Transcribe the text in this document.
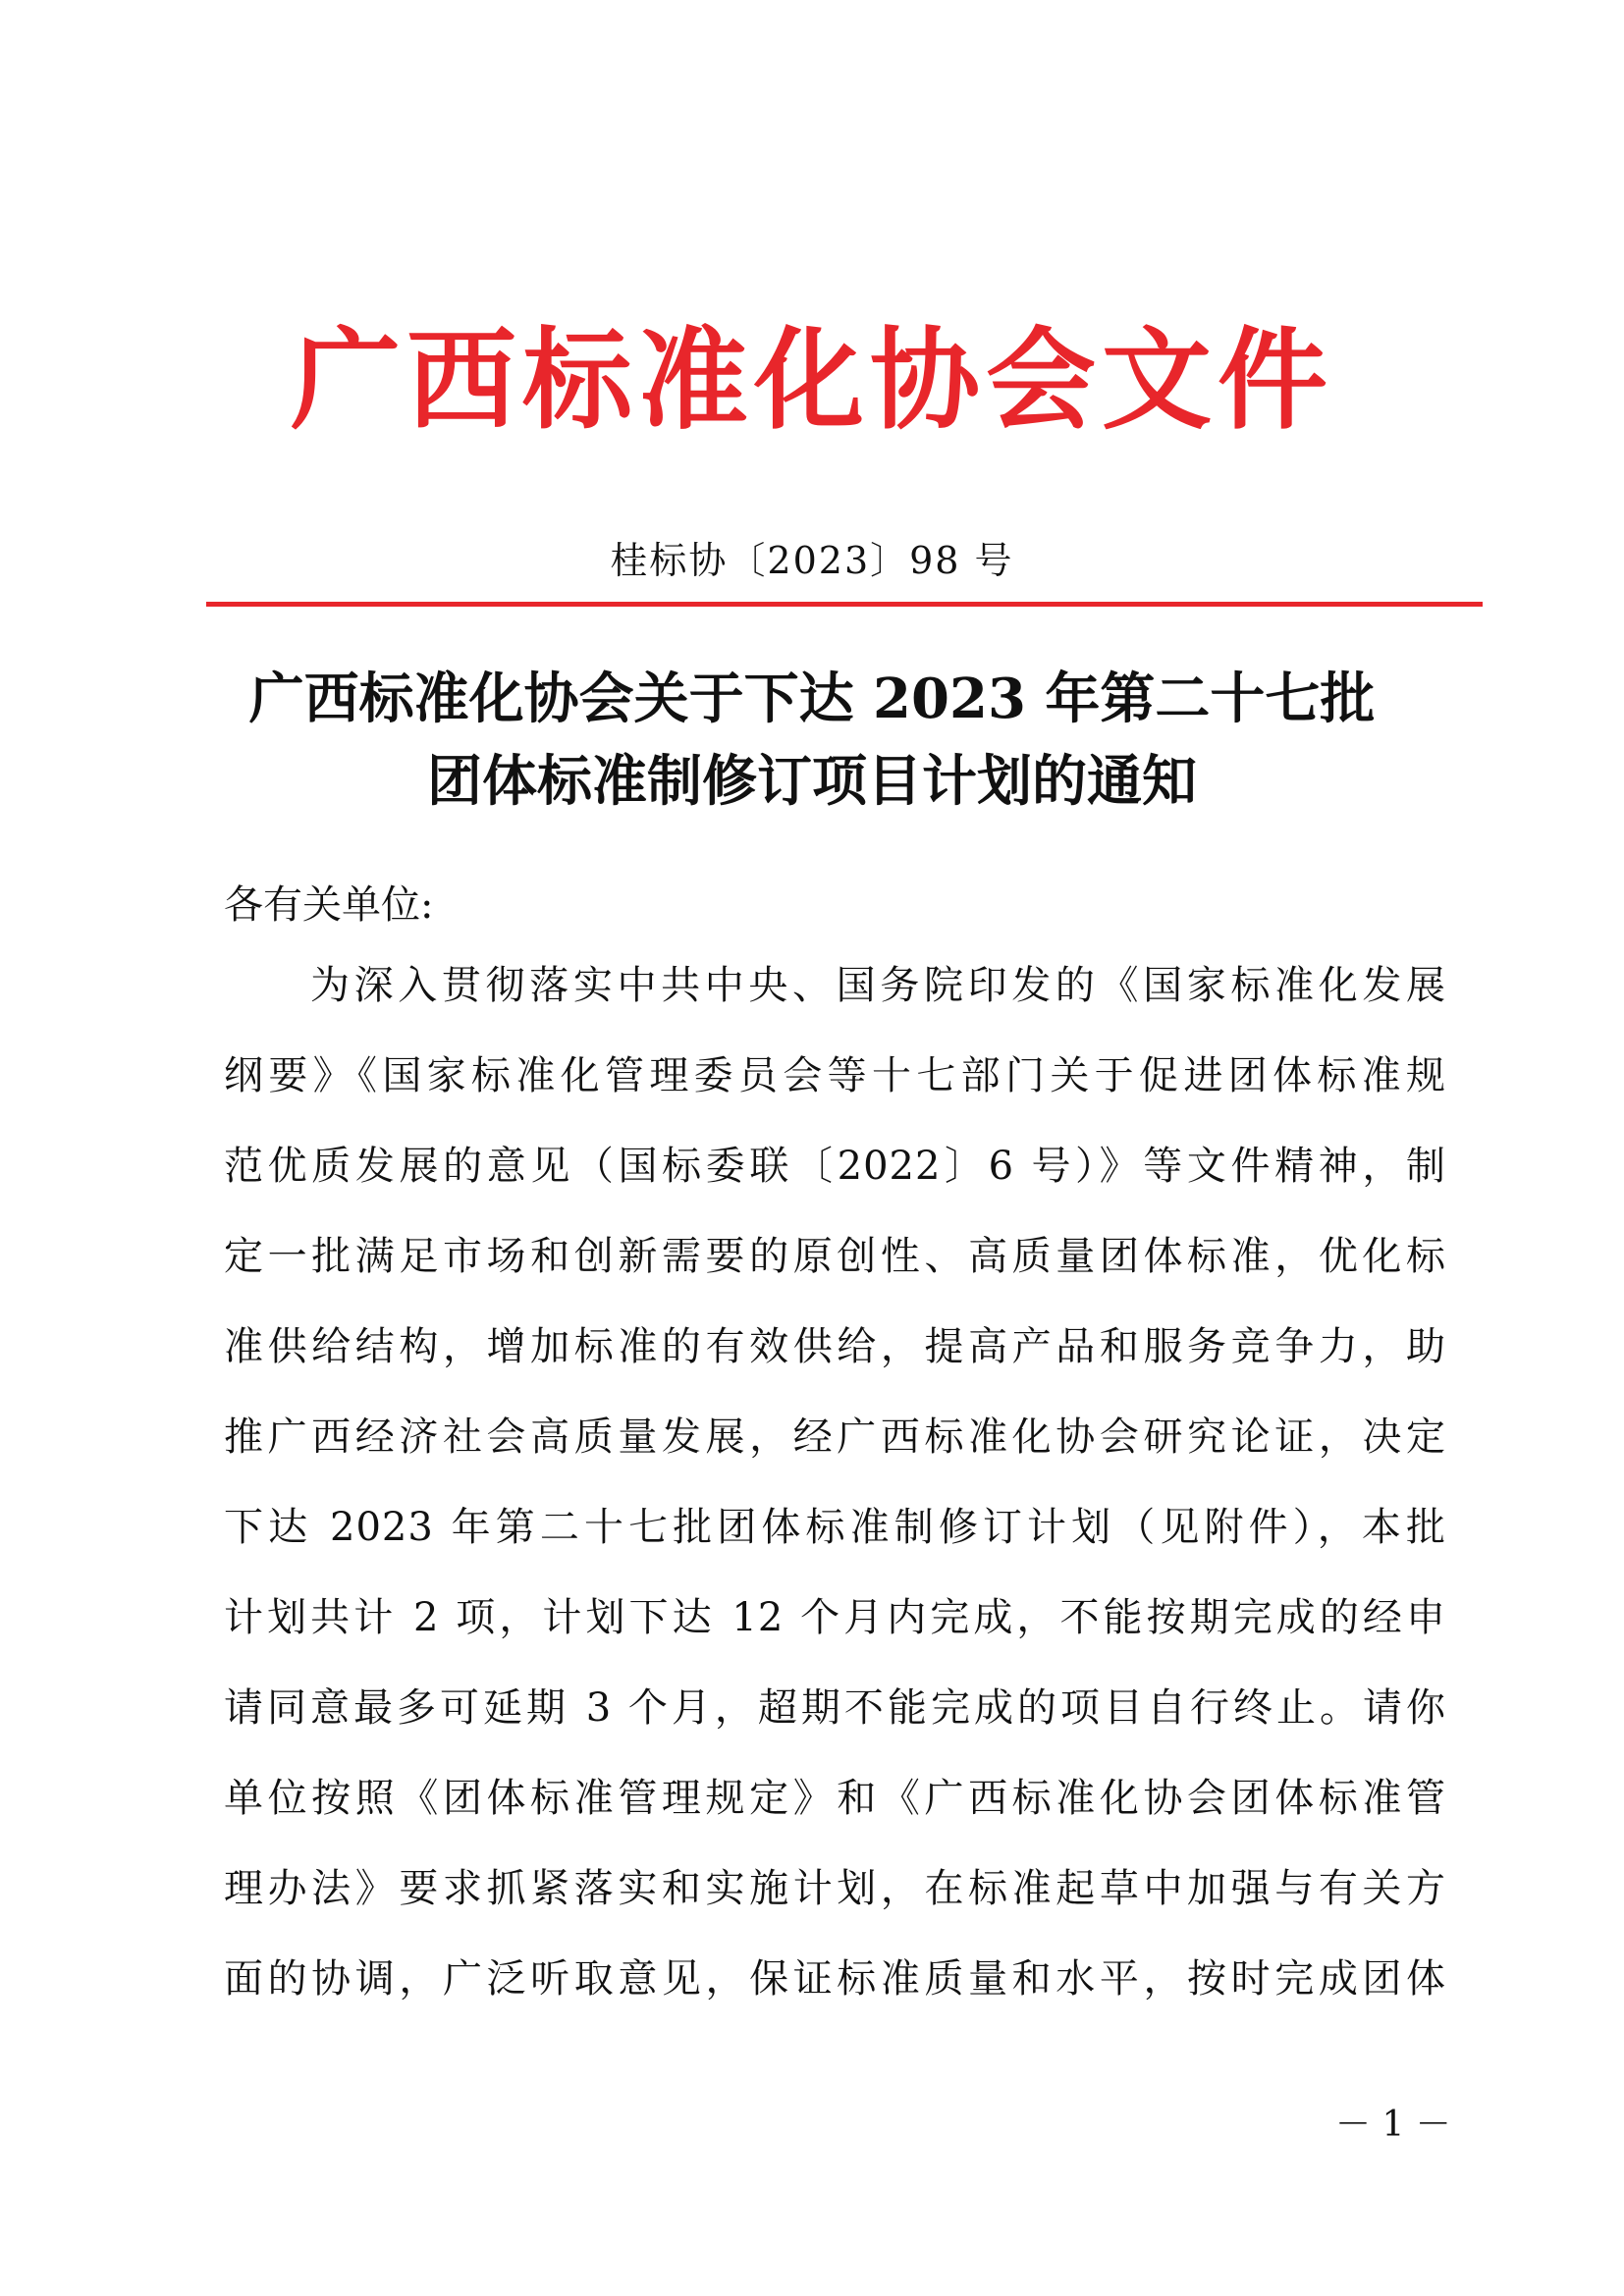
广西标准化协会文件
桂标协〔2023〕98 号
广西标准化协会关于下达 2023 年第二十七批
团体标准制修订项目计划的通知
各有关单位:
为深入贯彻落实中共中央、国务院印发的《国家标准化发展
纲要》《国家标准化管理委员会等十七部门关于促进团体标准规
范优质发展的意见（国标委联〔2022〕6 号）》等文件精神，制
定一批满足市场和创新需要的原创性、高质量团体标准，优化标
准供给结构，增加标准的有效供给，提高产品和服务竞争力，助
推广西经济社会高质量发展，经广西标准化协会研究论证，决定
下达 2023 年第二十七批团体标准制修订计划（见附件），本批
计划共计 2 项，计划下达 12 个月内完成，不能按期完成的经申
请同意最多可延期 3 个月，超期不能完成的项目自行终止。请你
单位按照《团体标准管理规定》和《广西标准化协会团体标准管
理办法》要求抓紧落实和实施计划，在标准起草中加强与有关方
面的协调，广泛听取意见，保证标准质量和水平，按时完成团体
－ 1 －
